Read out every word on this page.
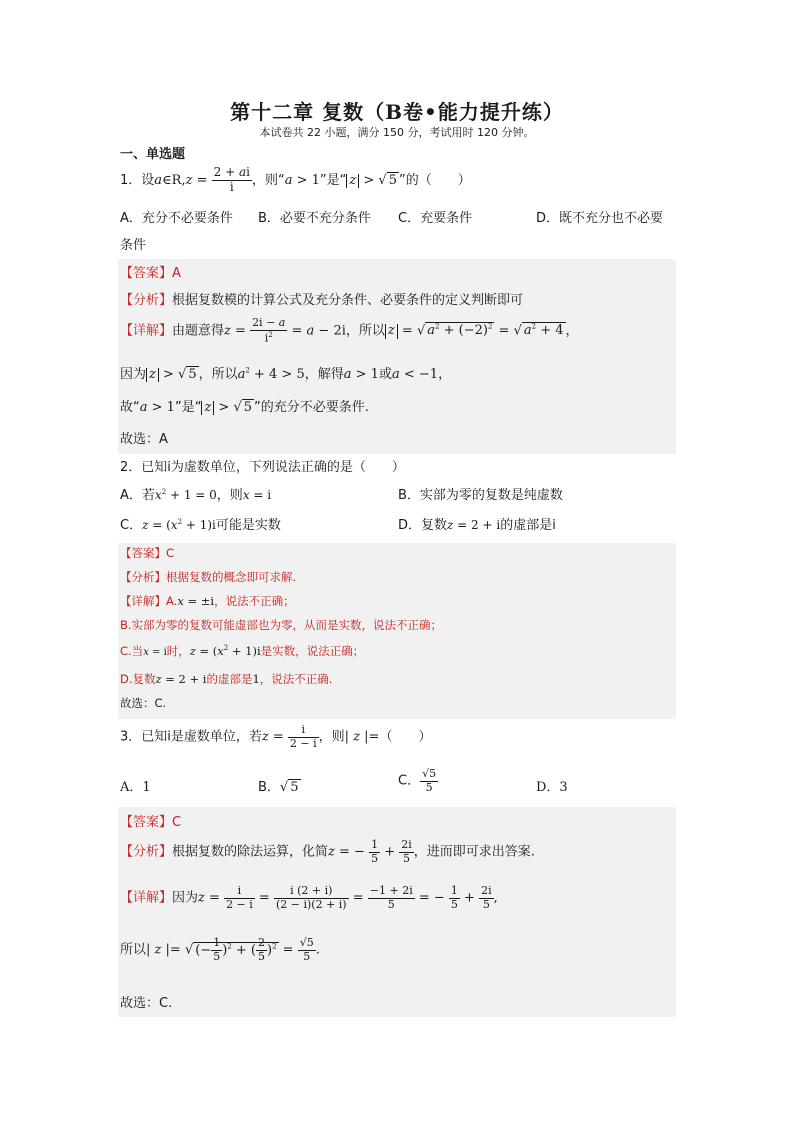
第十二章 复数（B卷•能力提升练）
本试卷共 22 小题，满分 150 分，考试用时 120 分钟。
一、单选题
1．设a∈R,z = $\frac{2 + ai}{i}$ ，则“a > 1”是“ z > √ 5 ”的（　　）
A．充分不必要条件 B．必要不充分条件 C．充要条件	D．既不充分也不必要
条件
【答案】A
【分析】根据复数模的计算公式及充分条件、必要条件的定义判断即可
【详解】由题意得$z = \frac{2i - a}{i^2} = a - 2i$，所以 z = √ $a^2 + (-2)^2$ = √ $a^2 + 4$ ，
因为 z > √ 5 ，所以$a^2 + 4 > 5$，解得a > 1或a < −1，
故“a > 1”是“ z > √ 5 ”的充分不必要条件.
故选：A
2．已知i为虚数单位，下列说法正确的是（　　）
A．若$x^2 + 1 = 0$，则x = i	B．实部为零的复数是纯虚数
C．$z = (x^2 + 1)i$可能是实数	D．复数z = 2 + i的虚部是i
【答案】C
【分析】根据复数的概念即可求解.
【详解】A.x = ±i，说法不正确；
B.实部为零的复数可能虚部也为零，从而是实数，说法不正确；
C.当x = i时，$z = (x^2 + 1)i$是实数，说法正确；
D.复数z = 2 + i的虚部是1，说法不正确.
故选：C.
3．已知i是虚数单位，若$z = \frac{i}{2 - i}$ ，则| z |=（　　）
A．1	B．√ 5	C． $\frac{√5}{5}$	D．3
【答案】C
【分析】根据复数的除法运算，化简z = − $\frac{1}{5} + \frac{2i}{5}$ ，进而即可求出答案.
【详解】因为$z = \frac{i}{2 - i} = \frac{i (2 + i)}{(2 - i)(2 + i)} = \frac{-1 + 2i}{5}$ = − $\frac{1}{5} + \frac{2i}{5}$ ,
所以| z |= √ (− $\frac{1}{5} )^2$ + ( $\frac{2}{5} )^2 = \frac{√5}{5}$ .
故选：C.
